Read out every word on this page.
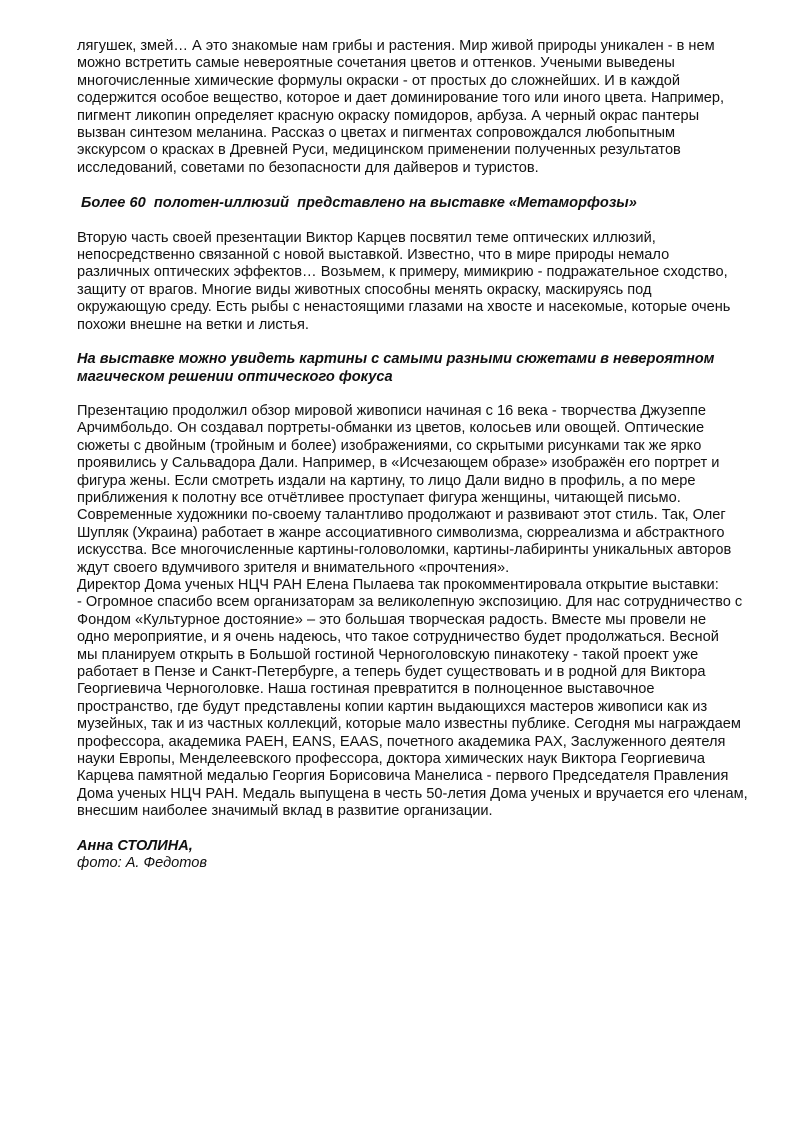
лягушек, змей… А это знакомые нам грибы и растения. Мир живой природы уникален - в нем
можно встретить самые невероятные сочетания цветов и оттенков. Учеными выведены
многочисленные химические формулы окраски - от простых до сложнейших. И в каждой
содержится особое вещество, которое и дает доминирование того или иного цвета. Например,
пигмент ликопин определяет красную окраску помидоров, арбуза. А черный окрас пантеры
вызван синтезом меланина. Рассказ о цветах и пигментах сопровождался любопытным
экскурсом о красках в Древней Руси, медицинском применении полученных результатов
исследований, советами по безопасности для дайверов и туристов.

Более 60  полотен-иллюзий  представлено на выставке «Метаморфозы»

Вторую часть своей презентации Виктор Карцев посвятил теме оптических иллюзий,
непосредственно связанной с новой выставкой. Известно, что в мире природы немало
различных оптических эффектов… Возьмем, к примеру, мимикрию - подражательное сходство,
защиту от врагов. Многие виды животных способны менять окраску, маскируясь под
окружающую среду. Есть рыбы с ненастоящими глазами на хвосте и насекомые, которые очень
похожи внешне на ветки и листья.

На выставке можно увидеть картины с самыми разными сюжетами в невероятном
магическом решении оптического фокуса

Презентацию продолжил обзор мировой живописи начиная с 16 века - творчества Джузеппе
Арчимбольдо. Он создавал портреты-обманки из цветов, колосьев или овощей. Оптические
сюжеты с двойным (тройным и более) изображениями, со скрытыми рисунками так же ярко
проявились у Сальвадора Дали. Например, в «Исчезающем образе» изображён его портрет и
фигура жены. Если смотреть издали на картину, то лицо Дали видно в профиль, а по мере
приближения к полотну все отчётливее проступает фигура женщины, читающей письмо.
Современные художники по-своему талантливо продолжают и развивают этот стиль. Так, Олег
Шупляк (Украина) работает в жанре ассоциативного символизма, сюрреализма и абстрактного
искусства. Все многочисленные картины-головоломки, картины-лабиринты уникальных авторов
ждут своего вдумчивого зрителя и внимательного «прочтения».
Директор Дома ученых НЦЧ РАН Елена Пылаева так прокомментировала открытие выставки:
- Огромное спасибо всем организаторам за великолепную экспозицию. Для нас сотрудничество с
Фондом «Культурное достояние» – это большая творческая радость. Вместе мы провели не
одно мероприятие, и я очень надеюсь, что такое сотрудничество будет продолжаться. Весной
мы планируем открыть в Большой гостиной Черноголовскую пинакотеку - такой проект уже
работает в Пензе и Санкт-Петербурге, а теперь будет существовать и в родной для Виктора
Георгиевича Черноголовке. Наша гостиная превратится в полноценное выставочное
пространство, где будут представлены копии картин выдающихся мастеров живописи как из
музейных, так и из частных коллекций, которые мало известны публике. Сегодня мы награждаем
профессора, академика РАЕН, EANS, EAAS, почетного академика РАХ, Заслуженного деятеля
науки Европы, Менделеевского профессора, доктора химических наук Виктора Георгиевича
Карцева памятной медалью Георгия Борисовича Манелиса - первого Председателя Правления
Дома ученых НЦЧ РАН. Медаль выпущена в честь 50-летия Дома ученых и вручается его членам,
внесшим наиболее значимый вклад в развитие организации.

Анна СТОЛИНА,
фото: А. Федотов
